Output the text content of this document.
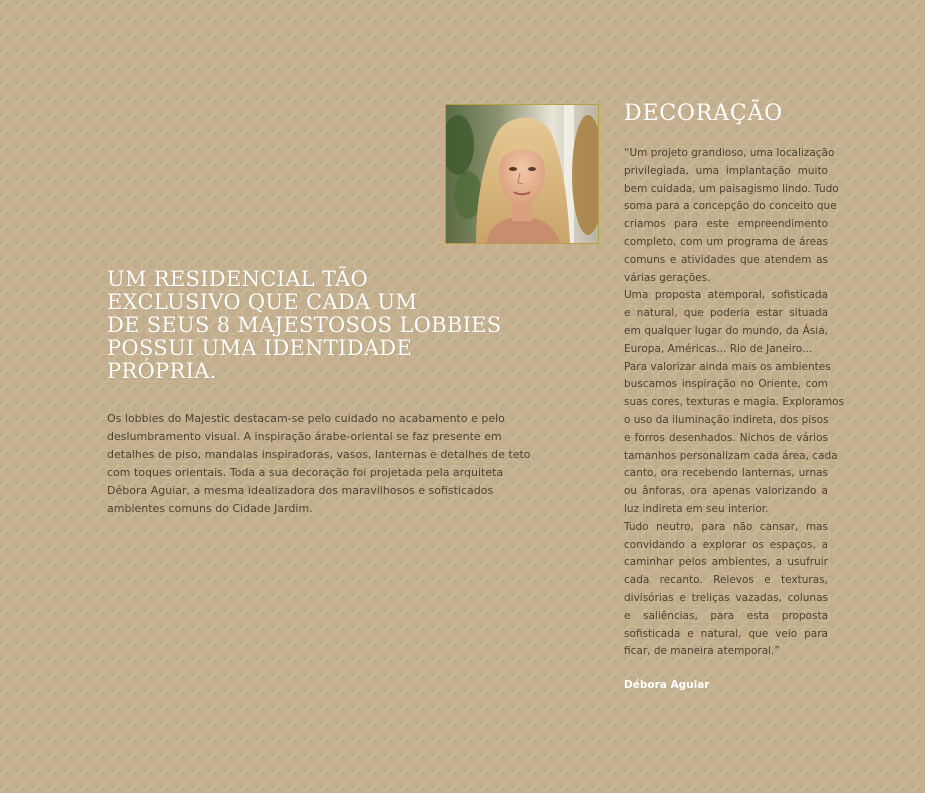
UM RESIDENCIAL TÃO
EXCLUSIVO QUE CADA UM
DE SEUS 8 MAJESTOSOS LOBBIES
POSSUI UMA IDENTIDADE
PRÓPRIA.

Os lobbies do Majestic destacam-se pelo cuidado no acabamento e pelo
deslumbramento visual. A inspiração árabe-oriental se faz presente em
detalhes de piso, mandalas inspiradoras, vasos, lanternas e detalhes de teto
com toques orientais. Toda a sua decoração foi projetada pela arquiteta
Débora Aguiar, a mesma idealizadora dos maravilhosos e sofisticados
ambientes comuns do Cidade Jardim.

DECORAÇÃO
“Um projeto grandioso, uma localização
privilegiada, uma implantação muito
bem cuidada, um paisagismo lindo. Tudo
soma para a concepção do conceito que
criamos para este empreendimento
completo, com um programa de áreas
comuns e atividades que atendem as
várias gerações.
Uma proposta atemporal, sofisticada
e natural, que poderia estar situada
em qualquer lugar do mundo, da Ásia,
Europa, Américas... Rio de Janeiro...
Para valorizar ainda mais os ambientes
buscamos inspiração no Oriente, com
suas cores, texturas e magia. Exploramos
o uso da iluminação indireta, dos pisos
e forros desenhados. Nichos de vários
tamanhos personalizam cada área, cada
canto, ora recebendo lanternas, urnas
ou ânforas, ora apenas valorizando a
luz indireta em seu interior.
Tudo neutro, para não cansar, mas
convidando a explorar os espaços, a
caminhar pelos ambientes, a usufruir
cada recanto. Relevos e texturas,
divisórias e treliças vazadas, colunas
e saliências, para esta proposta
sofisticada e natural, que veio para
ficar, de maneira atemporal.”

Débora Aguiar
